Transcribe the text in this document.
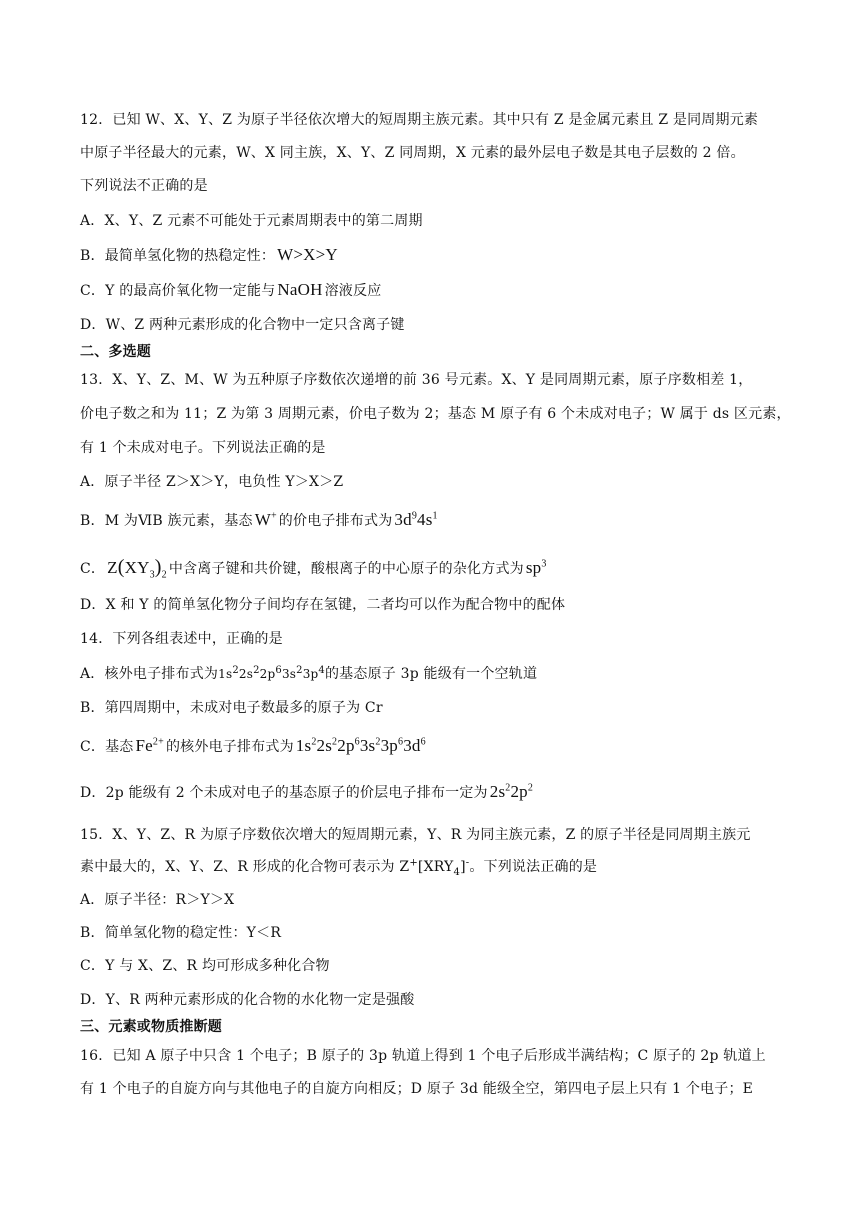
12．已知 W、X、Y、Z 为原子半径依次增大的短周期主族元素。其中只有 Z 是金属元素且 Z 是同周期元素
中原子半径最大的元素，W、X 同主族，X、Y、Z 同周期，X 元素的最外层电子数是其电子层数的 2 倍。
下列说法不正确的是
A．X、Y、Z 元素不可能处于元素周期表中的第二周期
B．最简单氢化物的热稳定性： W>X>Y
C．Y 的最高价氧化物一定能与 NaOH 溶液反应
D．W、Z 两种元素形成的化合物中一定只含离子键
二、多选题
13．X、Y、Z、M、W 为五种原子序数依次递增的前 36 号元素。X、Y 是同周期元素，原子序数相差 1，
价电子数之和为 11；Z 为第 3 周期元素，价电子数为 2；基态 M 原子有 6 个未成对电子；W 属于 ds 区元素，
有 1 个未成对电子。下列说法正确的是
A．原子半径 Z＞X＞Y，电负性 Y＞X＞Z
B．M 为ⅥB 族元素，基态 W+ 的价电子排布式为 $3d^94s^1$
C． $Z(XY_3)_2$ 中含离子键和共价键，酸根离子的中心原子的杂化方式为 $sp^3$
D．X 和 Y 的简单氢化物分子间均存在氢键，二者均可以作为配合物中的配体
14．下列各组表述中，正确的是
A．核外电子排布式为$1s^22s^22p^63s^23p^4$的基态原子 3p 能级有一个空轨道
B．第四周期中，未成对电子数最多的原子为 Cr
C．基态 $Fe^{2+}$ 的核外电子排布式为 $1s^22s^22p^63s^23p^63d^6$
D．2p 能级有 2 个未成对电子的基态原子的价层电子排布一定为 $2s^22p^2$
15．X、Y、Z、R 为原子序数依次增大的短周期元素，Y、R 为同主族元素，Z 的原子半径是同周期主族元
素中最大的，X、Y、Z、R 形成的化合物可表示为 $Z^+[XRY_4]^-$。下列说法正确的是
A．原子半径：R＞Y＞X
B．简单氢化物的稳定性：Y＜R
C．Y 与 X、Z、R 均可形成多种化合物
D．Y、R 两种元素形成的化合物的水化物一定是强酸
三、元素或物质推断题
16．已知 A 原子中只含 1 个电子；B 原子的 3p 轨道上得到 1 个电子后形成半满结构；C 原子的 2p 轨道上
有 1 个电子的自旋方向与其他电子的自旋方向相反；D 原子 3d 能级全空，第四电子层上只有 1 个电子；E
